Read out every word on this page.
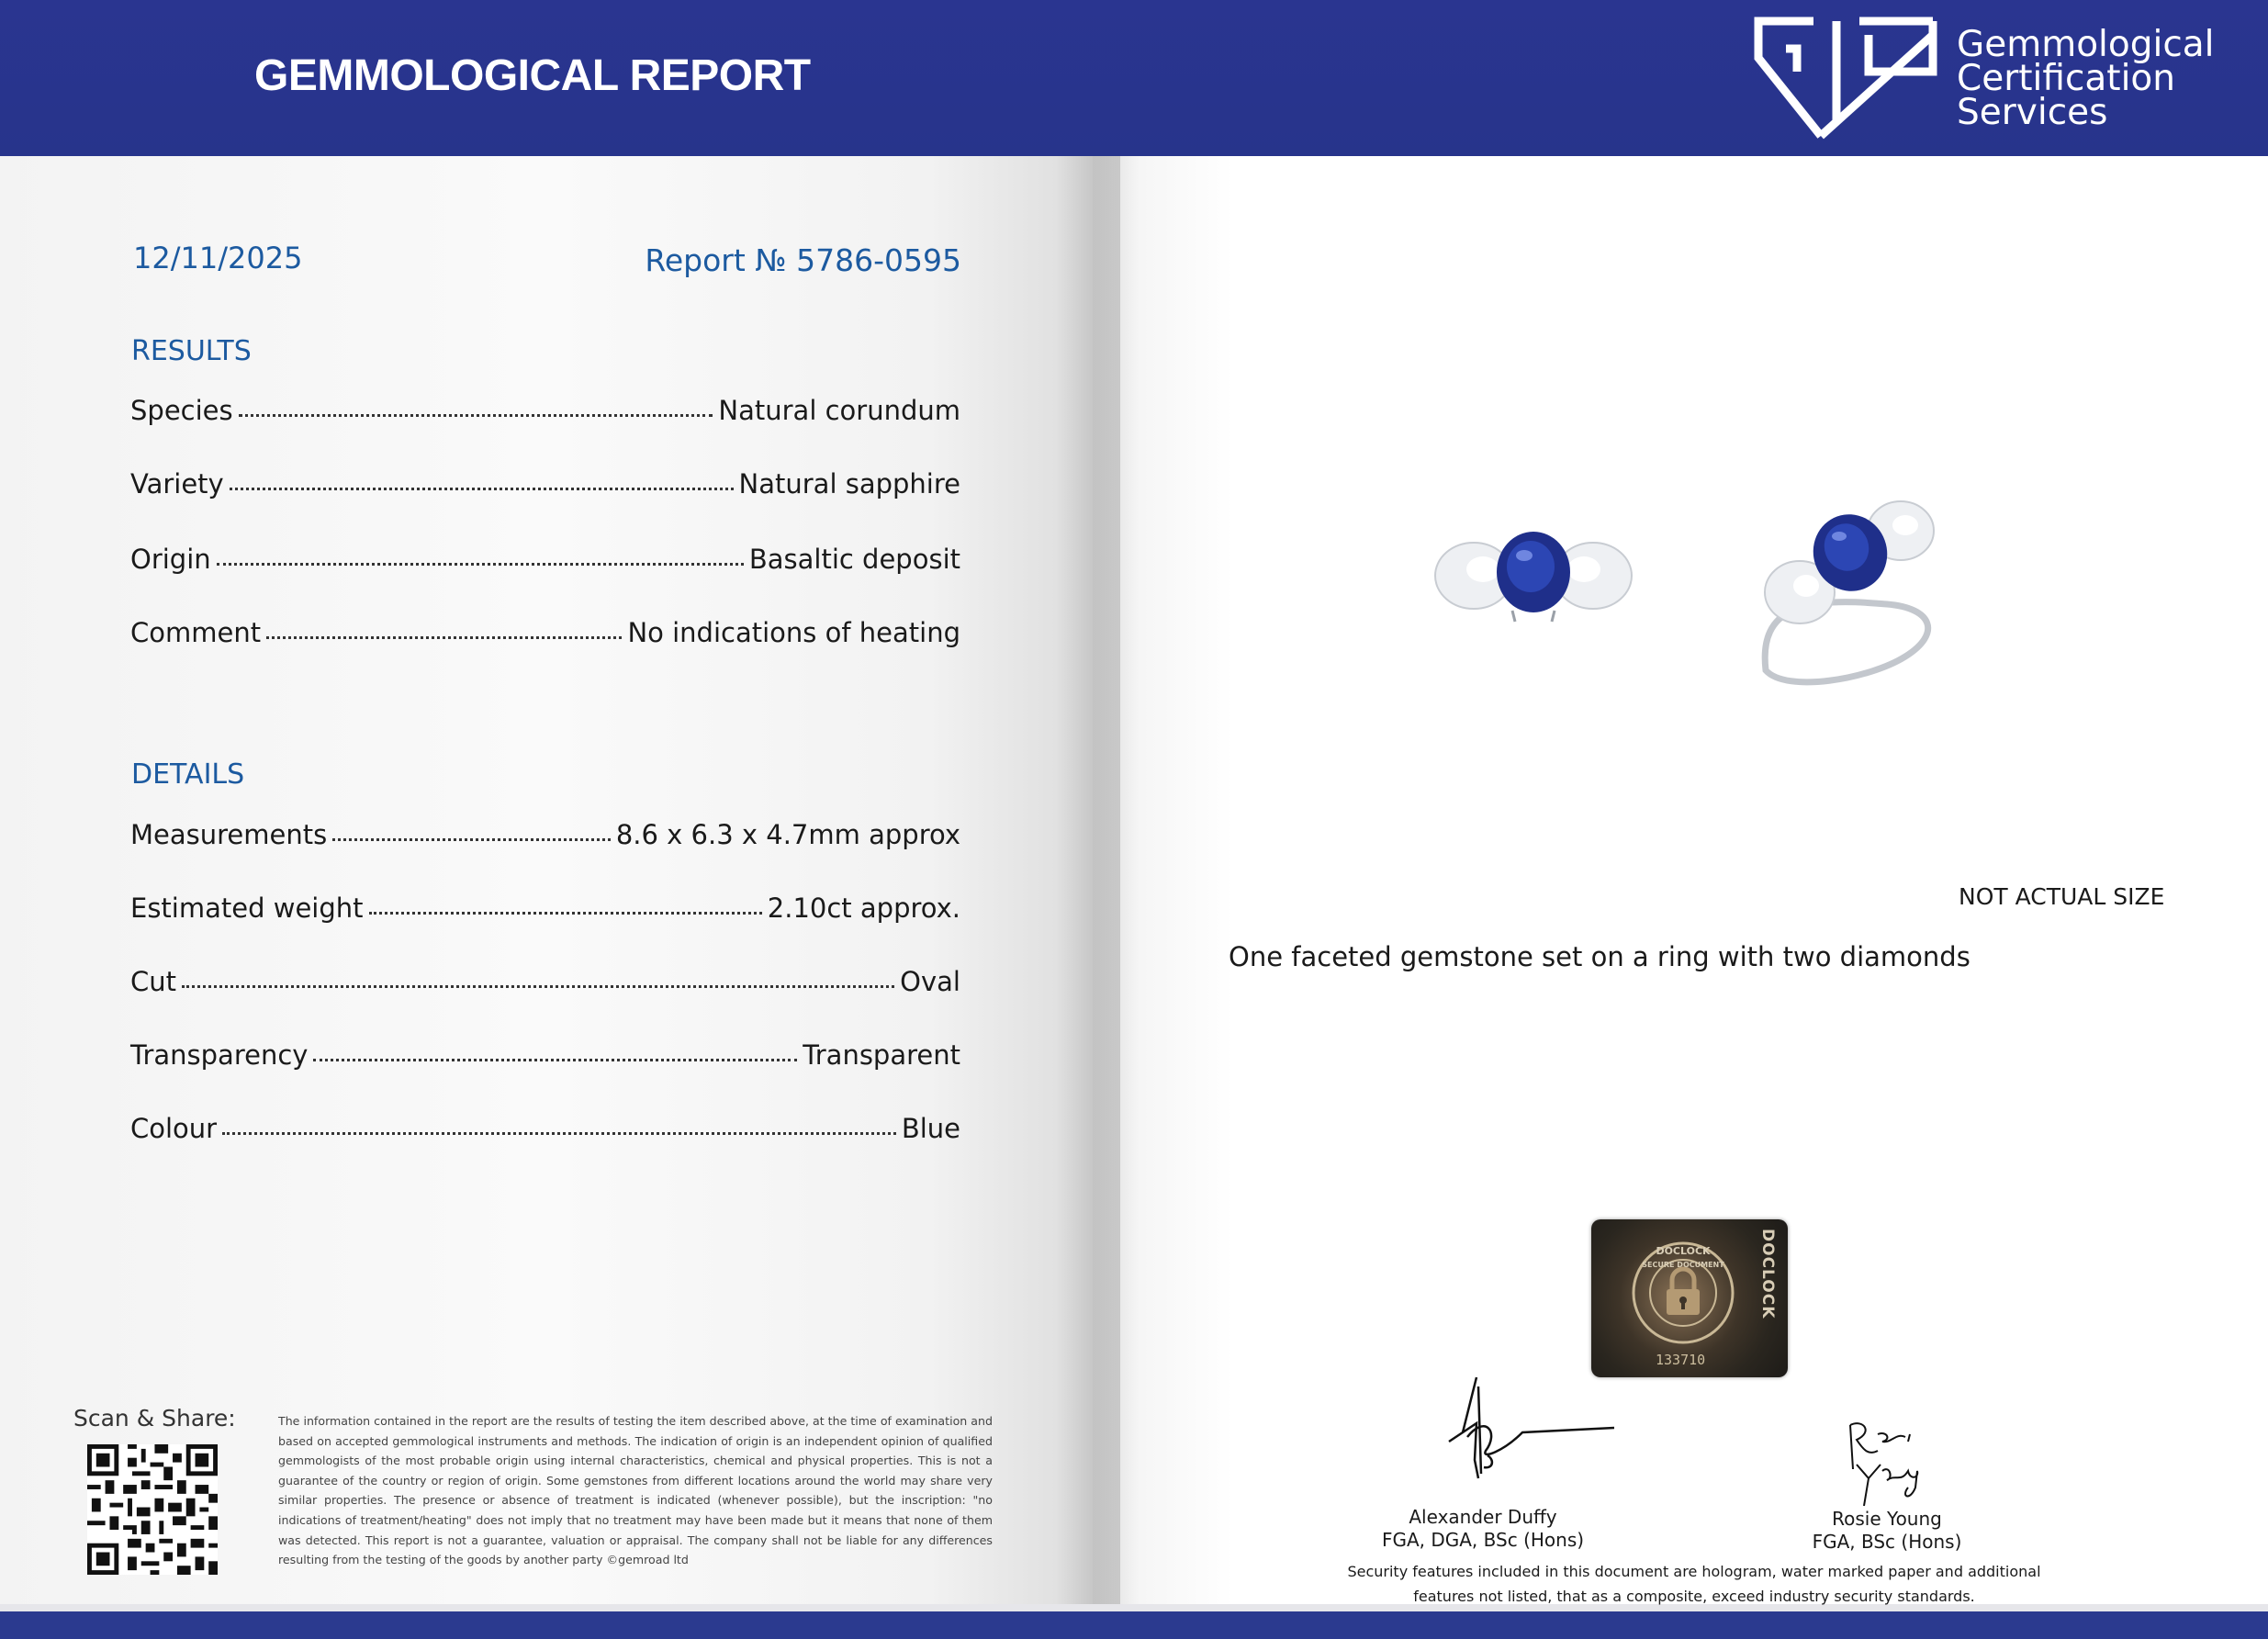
GEMMOLOGICAL REPORT
12/11/2025	Report № 5786-0595
RESULTS
Species	Natural corundum
Variety	Natural sapphire
Origin	Basaltic deposit
Comment	No indications of heating
DETAILS
Measurements	8.6 x 6.3 x 4.7mm approx
Estimated weight	2.10ct approx.
Cut	Oval
Transparency	Transparent
Colour	Blue
Scan & Share:	The information contained in the report are the results of testing the item described above, at the time of examination and based on accepted gemmological instruments and methods. The indication of origin is an independent opinion of qualified gemmologists of the most probable origin using internal characteristics, chemical and physical properties. This is not a guarantee of the country or region of origin. Some gemstones from different locations around the world may share very similar properties. The presence or absence of treatment is indicated (whenever possible), but the inscription: "no indications of treatment/heating" does not imply that no treatment may have been made but it means that none of them was detected. This report is not a guarantee, valuation or appraisal. The company shall not be liable for any differences resulting from the testing of the goods by another party ©gemroad ltd
Gemmological
Certification
Services
NOT ACTUAL SIZE
One faceted gemstone set on a ring with two diamonds
DOCLOCK
SECURE DOCUMENT DOCLOCK
133710
Alexander Duffy
FGA, DGA, BSc (Hons)
Rosie Young
FGA, BSc (Hons)
Security features included in this document are hologram, water marked paper and additional
features not listed, that as a composite, exceed industry security standards.
